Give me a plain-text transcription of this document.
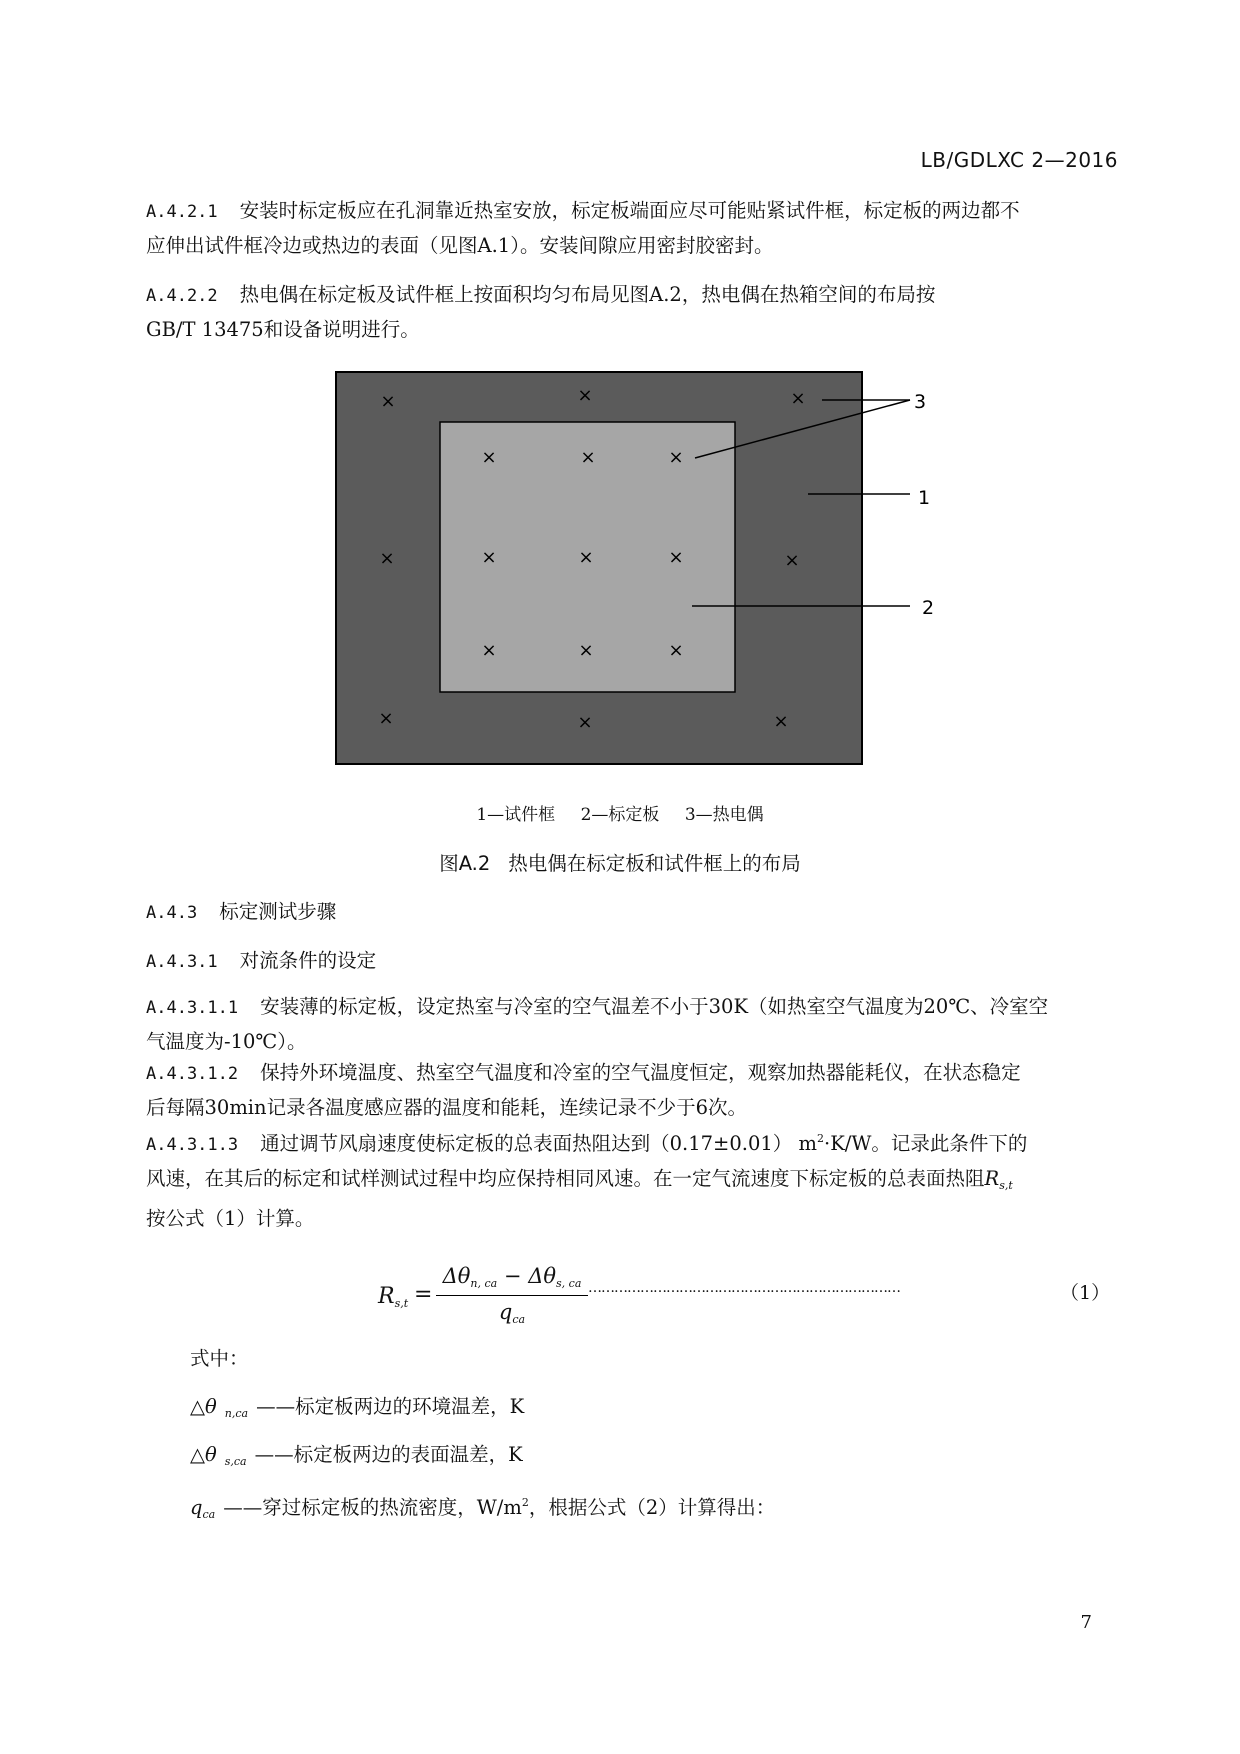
LB/GDLXC 2—2016
A.4.2.1 安装时标定板应在孔洞靠近热室安放，标定板端面应尽可能贴紧试件框，标定板的两边都不
应伸出试件框冷边或热边的表面（见图A.1）。安装间隙应用密封胶密封。
A.4.2.2 热电偶在标定板及试件框上按面积均匀布局见图A.2，热电偶在热箱空间的布局按
GB/T 13475和设备说明进行。
×	×	×
×	×	×
×	×	×	×	×
×	×	×
×	×	×
3
1
2
1—试件框 2—标定板 3—热电偶
图A.2 热电偶在标定板和试件框上的布局
A.4.3 标定测试步骤
A.4.3.1 对流条件的设定
A.4.3.1.1 安装薄的标定板，设定热室与冷室的空气温差不小于30K（如热室空气温度为20℃、冷室空
气温度为-10℃）。
A.4.3.1.2 保持外环境温度、热室空气温度和冷室的空气温度恒定，观察加热器能耗仪，在状态稳定
后每隔30min记录各温度感应器的温度和能耗，连续记录不少于6次。
A.4.3.1.3 通过调节风扇速度使标定板的总表面热阻达到（0.17±0.01） $m^2\cdot K/W$。记录此条件下的
风速，在其后的标定和试样测试过程中均应保持相同风速。在一定气流速度下标定板的总表面热阻$R_{s,t}$
按公式（1）计算。
$R_{s,t}$ =
$\Delta\theta_{n, ca} - \Delta\theta_{s, ca}$
$q_{ca}$
………………………………………………………………	（1）
式中：
△θ $_{n,ca}$ ——标定板两边的环境温差，K
△θ $_{s,ca}$ ——标定板两边的表面温差，K
$q_{ca}$ ——穿过标定板的热流密度，$W/m^2$，根据公式（2）计算得出：
7
